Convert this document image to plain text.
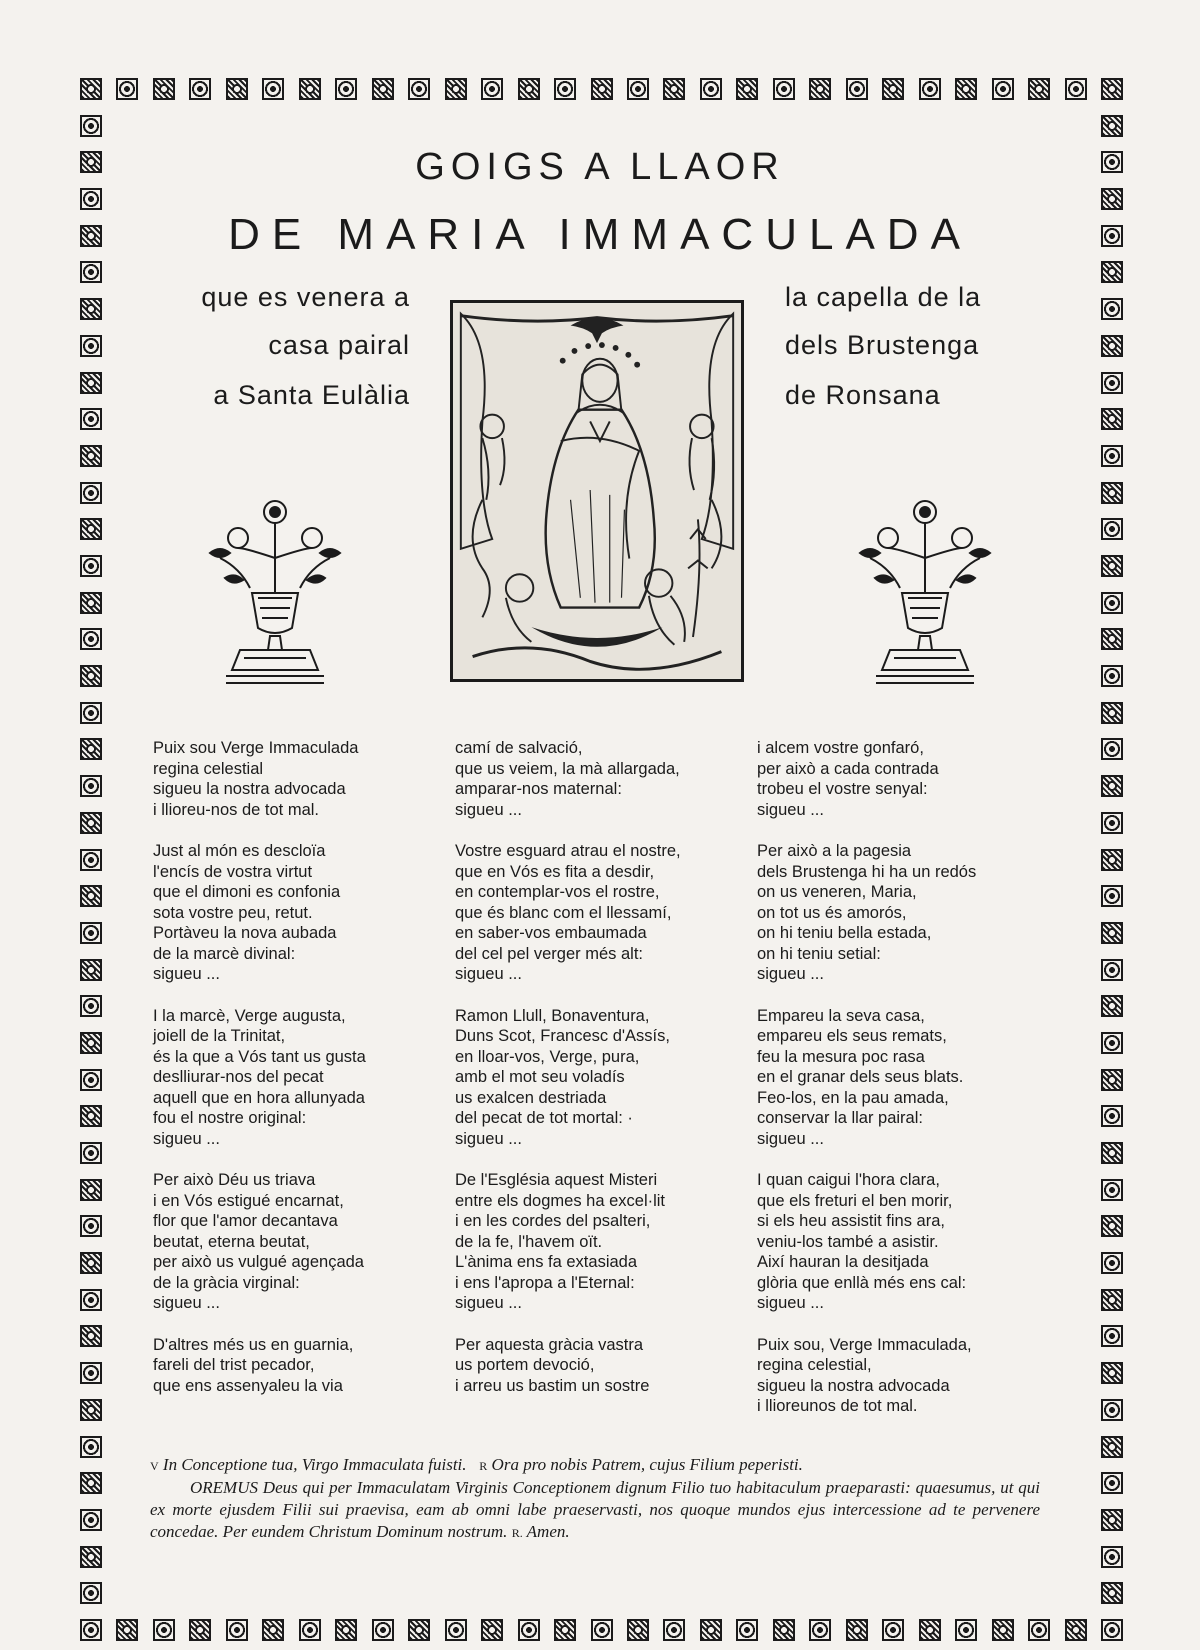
GOIGS A LLAOR
DE MARIA IMMACULADA
que es venera a
casa pairal
a Santa Eulàlia
la capella de la
dels Brustenga
de Ronsana
Puix sou Verge Immaculada
regina celestial
sigueu la nostra advocada
i llioreu-nos de tot mal.
Just al món es descloïa
l'encís de vostra virtut
que el dimoni es confonia
sota vostre peu, retut.
Portàveu la nova aubada
de la marcè divinal:
sigueu ...
I la marcè, Verge augusta,
joiell de la Trinitat,
és la que a Vós tant us gusta
deslliurar-nos del pecat
aquell que en hora allunyada
fou el nostre original:
sigueu ...
Per això Déu us triava
i en Vós estigué encarnat,
flor que l'amor decantava
beutat, eterna beutat,
per això us vulgué agençada
de la gràcia virginal:
sigueu ...
D'altres més us en guarnia,
fareli del trist pecador,
que ens assenyaleu la via
camí de salvació,
que us veiem, la mà allargada,
amparar-nos maternal:
sigueu ...
Vostre esguard atrau el nostre,
que en Vós es fita a desdir,
en contemplar-vos el rostre,
que és blanc com el llessamí,
en saber-vos embaumada
del cel pel verger més alt:
sigueu ...
Ramon Llull, Bonaventura,
Duns Scot, Francesc d'Assís,
en lloar-vos, Verge, pura,
amb el mot seu voladís
us exalcen destriada
del pecat de tot mortal: ·
sigueu ...
De l'Església aquest Misteri
entre els dogmes ha excel·lit
i en les cordes del psalteri,
de la fe, l'havem oït.
L'ànima ens fa extasiada
i ens l'apropa a l'Eternal:
sigueu ...
Per aquesta gràcia vastra
us portem devoció,
i arreu us bastim un sostre
i alcem vostre gonfaró,
per això a cada contrada
trobeu el vostre senyal:
sigueu ...
Per això a la pagesia
dels Brustenga hi ha un redós
on us veneren, Maria,
on tot us és amorós,
on hi teniu bella estada,
on hi teniu setial:
sigueu ...
Empareu la seva casa,
empareu els seus remats,
feu la mesura poc rasa
en el granar dels seus blats.
Feo-los, en la pau amada,
conservar la llar pairal:
sigueu ...
I quan caigui l'hora clara,
que els freturi el ben morir,
si els heu assistit fins ara,
veniu-los també a asistir.
Així hauran la desitjada
glòria que enllà més ens cal:
sigueu ...
Puix sou, Verge Immaculada,
regina celestial,
sigueu la nostra advocada
i llioreunos de tot mal.

V In Conceptione tua, Virgo Immaculata fuisti. R Ora pro nobis Patrem, cujus Filium peperisti.

OREMUS Deus qui per Immaculatam Virginis Conceptionem dignum Filio tuo habitaculum praeparasti: quaesumus, ut qui ex morte ejusdem Filii sui praevisa, eam ab omni labe praeservasti, nos quoque mundos ejus intercessione ad te pervenere concedae. Per eundem Christum Dominum nostrum. R. Amen.
